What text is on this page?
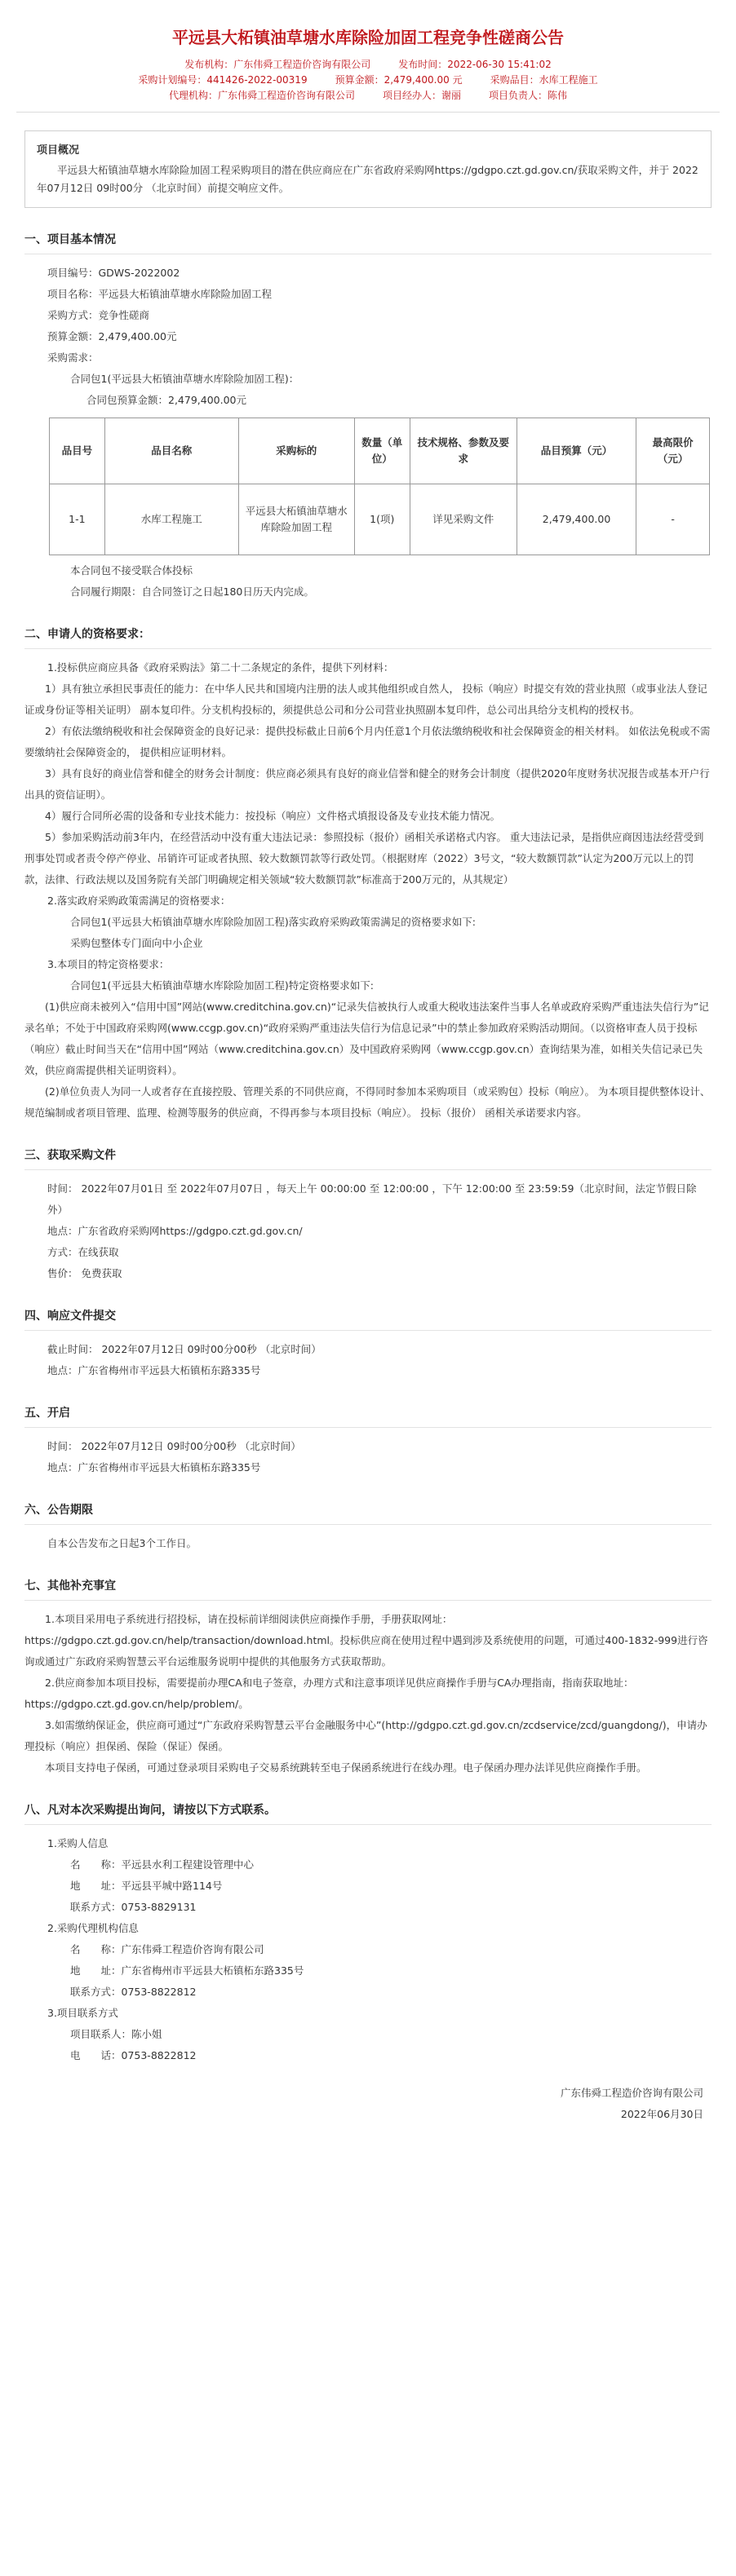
平远县大柘镇油草塘水库除险加固工程竞争性磋商公告
发布机构：广东伟舜工程造价咨询有限公司	发布时间：2022-06-30 15:41:02
采购计划编号：441426-2022-00319	预算金额：2,479,400.00 元	采购品目：水库工程施工
代理机构：广东伟舜工程造价咨询有限公司	项目经办人：谢丽	项目负责人：陈伟
项目概况
平远县大柘镇油草塘水库除险加固工程采购项目的潜在供应商应在广东省政府采购网https://gdgpo.czt.gd.gov.cn/获取采购文件，并于 2022年07月12日 09时00分 （北京时间）前提交响应文件。
一、项目基本情况

项目编号：GDWS-2022002

项目名称：平远县大柘镇油草塘水库除险加固工程

采购方式：竞争性磋商

预算金额：2,479,400.00元

采购需求：

合同包1(平远县大柘镇油草塘水库除险加固工程)：

合同包预算金额：2,479,400.00元

品目号	品目名称	采购标的	数量（单位）	技术规格、参数及要求	品目预算（元）	最高限价（元）
1-1	水库工程施工	平远县大柘镇油草塘水库除险加固工程	1(项)	详见采购文件	2,479,400.00	-

本合同包不接受联合体投标

合同履行期限：自合同签订之日起180日历天内完成。

二、申请人的资格要求：

1.投标供应商应具备《政府采购法》第二十二条规定的条件，提供下列材料：

1）具有独立承担民事责任的能力：在中华人民共和国境内注册的法人或其他组织或自然人， 投标（响应）时提交有效的营业执照（或事业法人登记证或身份证等相关证明） 副本复印件。分支机构投标的，须提供总公司和分公司营业执照副本复印件，总公司出具给分支机构的授权书。

2）有依法缴纳税收和社会保障资金的良好记录：提供投标截止日前6个月内任意1个月依法缴纳税收和社会保障资金的相关材料。 如依法免税或不需要缴纳社会保障资金的， 提供相应证明材料。

3）具有良好的商业信誉和健全的财务会计制度：供应商必须具有良好的商业信誉和健全的财务会计制度（提供2020年度财务状况报告或基本开户行出具的资信证明）。

4）履行合同所必需的设备和专业技术能力：按投标（响应）文件格式填报设备及专业技术能力情况。

5）参加采购活动前3年内，在经营活动中没有重大违法记录：参照投标（报价）函相关承诺格式内容。 重大违法记录，是指供应商因违法经营受到刑事处罚或者责令停产停业、吊销许可证或者执照、较大数额罚款等行政处罚。（根据财库（2022）3号文，“较大数额罚款”认定为200万元以上的罚款，法律、行政法规以及国务院有关部门明确规定相关领域“较大数额罚款”标准高于200万元的，从其规定）

2.落实政府采购政策需满足的资格要求：

合同包1(平远县大柘镇油草塘水库除险加固工程)落实政府采购政策需满足的资格要求如下:

采购包整体专门面向中小企业

3.本项目的特定资格要求：

合同包1(平远县大柘镇油草塘水库除险加固工程)特定资格要求如下:

(1)供应商未被列入“信用中国”网站(www.creditchina.gov.cn)“记录失信被执行人或重大税收违法案件当事人名单或政府采购严重违法失信行为”记录名单；不处于中国政府采购网(www.ccgp.gov.cn)“政府采购严重违法失信行为信息记录”中的禁止参加政府采购活动期间。（以资格审查人员于投标（响应）截止时间当天在“信用中国”网站（www.creditchina.gov.cn）及中国政府采购网（www.ccgp.gov.cn）查询结果为准，如相关失信记录已失效，供应商需提供相关证明资料）。

(2)单位负责人为同一人或者存在直接控股、管理关系的不同供应商，不得同时参加本采购项目（或采购包）投标（响应）。 为本项目提供整体设计、规范编制或者项目管理、监理、检测等服务的供应商，不得再参与本项目投标（响应）。 投标（报价） 函相关承诺要求内容。

三、获取采购文件

时间： 2022年07月01日 至 2022年07月07日 ，每天上午 00:00:00 至 12:00:00 ，下午 12:00:00 至 23:59:59（北京时间，法定节假日除外）

地点：广东省政府采购网https://gdgpo.czt.gd.gov.cn/

方式：在线获取

售价： 免费获取

四、响应文件提交

截止时间： 2022年07月12日 09时00分00秒 （北京时间）

地点：广东省梅州市平远县大柘镇柘东路335号

五、开启

时间： 2022年07月12日 09时00分00秒 （北京时间）

地点：广东省梅州市平远县大柘镇柘东路335号

六、公告期限

自本公告发布之日起3个工作日。

七、其他补充事宜

1.本项目采用电子系统进行招投标，请在投标前详细阅读供应商操作手册，手册获取网址：https://gdgpo.czt.gd.gov.cn/help/transaction/download.html。投标供应商在使用过程中遇到涉及系统使用的问题，可通过400-1832-999进行咨询或通过广东政府采购智慧云平台运维服务说明中提供的其他服务方式获取帮助。

2.供应商参加本项目投标，需要提前办理CA和电子签章，办理方式和注意事项详见供应商操作手册与CA办理指南，指南获取地址：https://gdgpo.czt.gd.gov.cn/help/problem/。

3.如需缴纳保证金，供应商可通过“广东政府采购智慧云平台金融服务中心”(http://gdgpo.czt.gd.gov.cn/zcdservice/zcd/guangdong/)，申请办理投标（响应）担保函、保险（保证）保函。

本项目支持电子保函，可通过登录项目采购电子交易系统跳转至电子保函系统进行在线办理。电子保函办理办法详见供应商操作手册。

八、凡对本次采购提出询问，请按以下方式联系。

1.采购人信息

名　　称：平远县水利工程建设管理中心

地　　址：平远县平城中路114号

联系方式：0753-8829131

2.采购代理机构信息

名　　称：广东伟舜工程造价咨询有限公司

地　　址：广东省梅州市平远县大柘镇柘东路335号

联系方式：0753-8822812

3.项目联系方式

项目联系人：陈小姐

电　　话：0753-8822812

广东伟舜工程造价咨询有限公司
2022年06月30日
